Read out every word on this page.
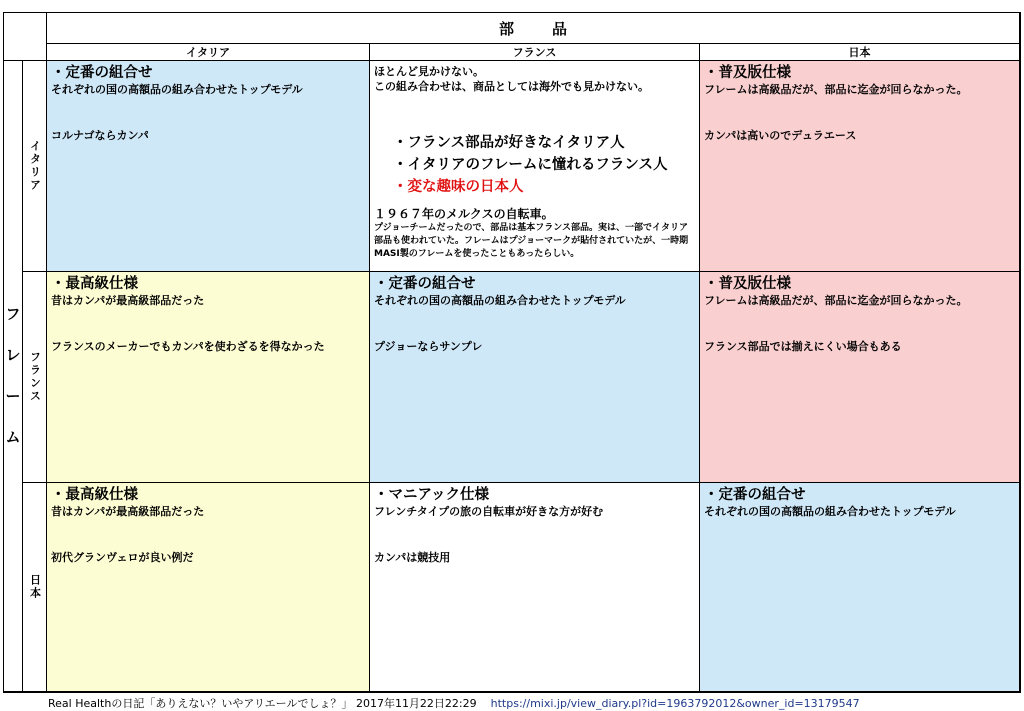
部品
イタリア	フランス	日本
フ
レ
ー
ム
イタリア
・定番の組合せ
それぞれの国の高額品の組み合わせたトップモデル
コルナゴならカンパ
ほとんど見かけない。
この組み合わせは、商品としては海外でも見かけない。
・フランス部品が好きなイタリア人
・イタリアのフレームに憧れるフランス人
・変な趣味の日本人
１９６７年のメルクスの自転車。
プジョーチームだったので、部品は基本フランス部品。実は、一部でイタリア部品も使われていた。フレームはプジョーマークが貼付されていたが、一時期MASI製のフレームを使ったこともあったらしい。
・普及版仕様
フレームは高級品だが、部品に迄金が回らなかった。
カンパは高いのでデュラエース
フランス
・最高級仕様
昔はカンパが最高級部品だった
フランスのメーカーでもカンパを使わざるを得なかった
・定番の組合せ
それぞれの国の高額品の組み合わせたトップモデル
プジョーならサンプレ
・普及版仕様
フレームは高級品だが、部品に迄金が回らなかった。
フランス部品では揃えにくい場合もある
日本
・最高級仕様
昔はカンパが最高級部品だった
初代グランヴェロが良い例だ
・マニアック仕様
フレンチタイプの旅の自転車が好きな方が好む
カンパは競技用
・定番の組合せ
それぞれの国の高額品の組み合わせたトップモデル
Real Healthの日記「ありえない？いやアリエールでしょ？」 2017年11月22日22:29 https://mixi.jp/view_diary.pl?id=1963792012&owner_id=13179547
